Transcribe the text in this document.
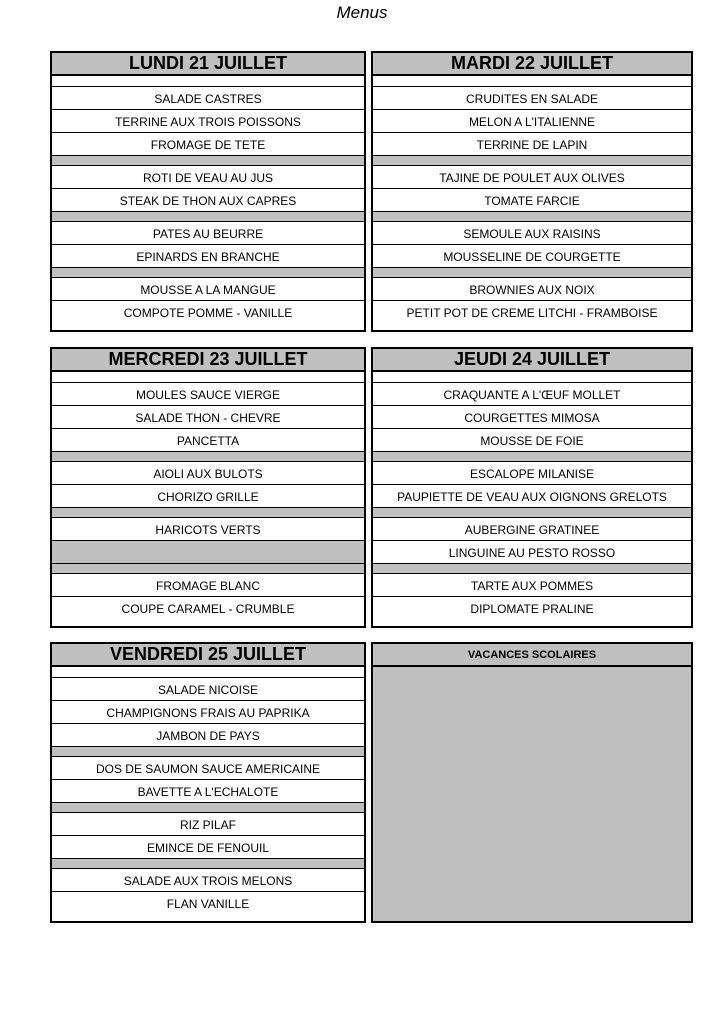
Menus
LUNDI 21 JUILLET
SALADE CASTRES
TERRINE AUX TROIS POISSONS
FROMAGE DE TETE
ROTI DE VEAU AU JUS
STEAK DE THON AUX CAPRES
PATES AU BEURRE
EPINARDS EN BRANCHE
MOUSSE A LA MANGUE
COMPOTE POMME - VANILLE
MARDI 22 JUILLET
CRUDITES EN SALADE
MELON A L'ITALIENNE
TERRINE DE LAPIN
TAJINE DE POULET AUX OLIVES
TOMATE FARCIE
SEMOULE AUX RAISINS
MOUSSELINE DE COURGETTE
BROWNIES AUX NOIX
PETIT POT DE CREME LITCHI - FRAMBOISE
MERCREDI 23 JUILLET
MOULES SAUCE VIERGE
SALADE THON - CHEVRE
PANCETTA
AIOLI AUX BULOTS
CHORIZO GRILLE
HARICOTS VERTS
FROMAGE BLANC
COUPE CARAMEL - CRUMBLE
JEUDI 24 JUILLET
CRAQUANTE A L'ŒUF MOLLET
COURGETTES MIMOSA
MOUSSE DE FOIE
ESCALOPE MILANISE
PAUPIETTE DE VEAU AUX OIGNONS GRELOTS
AUBERGINE GRATINEE
LINGUINE AU PESTO ROSSO
TARTE AUX POMMES
DIPLOMATE PRALINE
VENDREDI 25 JUILLET
SALADE NICOISE
CHAMPIGNONS FRAIS AU PAPRIKA
JAMBON DE PAYS
DOS DE SAUMON SAUCE AMERICAINE
BAVETTE A L'ECHALOTE
RIZ PILAF
EMINCE DE FENOUIL
SALADE AUX TROIS MELONS
FLAN VANILLE
VACANCES SCOLAIRES
